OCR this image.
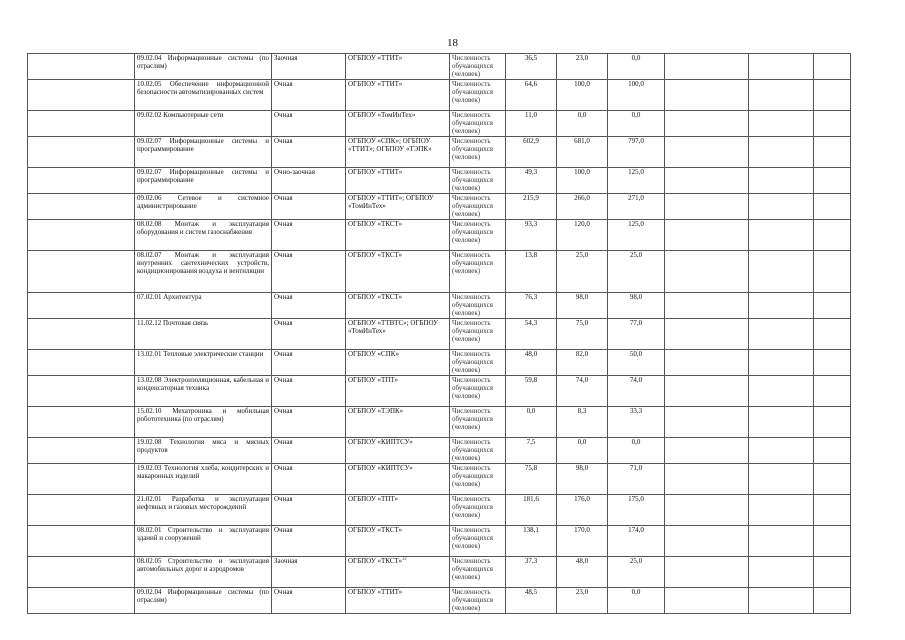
18
	09.02.04 Информационные системы (по отраслям)	Заочная	ОГБПОУ «ТТИТ»	Численность обучающихся (человек)	36,5	23,0	0,0			
	10.02.05 Обеспечение информационной безопасности автоматизированных систем	Очная	ОГБПОУ «ТТИТ»	Численность обучающихся (человек)	64,6	100,0	100,0			
	09.02.02 Компьютерные сети	Очная	ОГБПОУ «ТомИнТех»	Численность обучающихся (человек)	11,0	0,0	0,0			
	09.02.07 Информационные системы и программирование	Очная	ОГБПОУ «СПК»; ОГБПОУ «ТТИТ»; ОГБПОУ «ТЭПК»	Численность обучающихся (человек)	602,9	681,0	797,0			
	09.02.07 Информационные системы и программирование	Очно-заочная	ОГБПОУ «ТТИТ»	Численность обучающихся (человек)	49,3	100,0	125,0			
	09.02.06 Сетевое и системное администрирование	Очная	ОГБПОУ «ТТИТ»; ОГБПОУ «ТомИнТех»	Численность обучающихся (человек)	215,9	266,0	271,0			
	08.02.08 Монтаж и эксплуатация оборудования и систем газоснабжения	Очная	ОГБПОУ «ТКСТ»	Численность обучающихся (человек)	93,3	120,0	125,0			
	08.02.07 Монтаж и эксплуатация внутренних сантехнических устройств, кондиционирования воздуха и вентиляции	Очная	ОГБПОУ «ТКСТ»	Численность обучающихся (человек)	13,8	25,0	25,0			
	07.02.01 Архитектура	Очная	ОГБПОУ «ТКСТ»	Численность обучающихся (человек)	76,3	98,0	98,0			
	11.02.12 Почтовая связь	Очная	ОГБПОУ «ТТВТС»; ОГБПОУ «ТомИнТех»	Численность обучающихся (человек)	54,3	75,0	77,0			
	13.02.01 Тепловые электрические станции	Очная	ОГБПОУ «СПК»	Численность обучающихся (человек)	48,0	82,0	50,0			
	13.02.08 Электроизоляционная, кабельная и конденсаторная техника	Очная	ОГБПОУ «ТПТ»	Численность обучающихся (человек)	59,8	74,0	74,0			
	15.02.10 Мехатроника и мобильная робототехника (по отраслям)	Очная	ОГБПОУ «ТЭПК»	Численность обучающихся (человек)	0,0	8,3	33,3			
	19.02.08 Технология мяса и мясных продуктов	Очная	ОГБПОУ «КИПТСУ»	Численность обучающихся (человек)	7,5	0,0	0,0			
	19.02.03 Технология хлеба, кондитерских и макаронных изделий	Очная	ОГБПОУ «КИПТСУ»	Численность обучающихся (человек)	75,8	98,0	71,0			
	21.02.01 Разработка и эксплуатация нефтяных и газовых месторождений	Очная	ОГБПОУ «ТПТ»	Численность обучающихся (человек)	181,6	176,0	175,0			
	08.02.01 Строительство и эксплуатация зданий и сооружений	Очная	ОГБПОУ «ТКСТ»	Численность обучающихся (человек)	138,1	170,0	174,0			
	08.02.05 Строительство и эксплуатация автомобильных дорог и аэродромов	Заочная	ОГБПОУ «ТКСТ»$^{22}$	Численность обучающихся (человек)	37,3	48,0	25,0			
	09.02.04 Информационные системы (по отраслям)	Очная	ОГБПОУ «ТТИТ»	Численность обучающихся (человек)	48,5	23,0	0,0			
